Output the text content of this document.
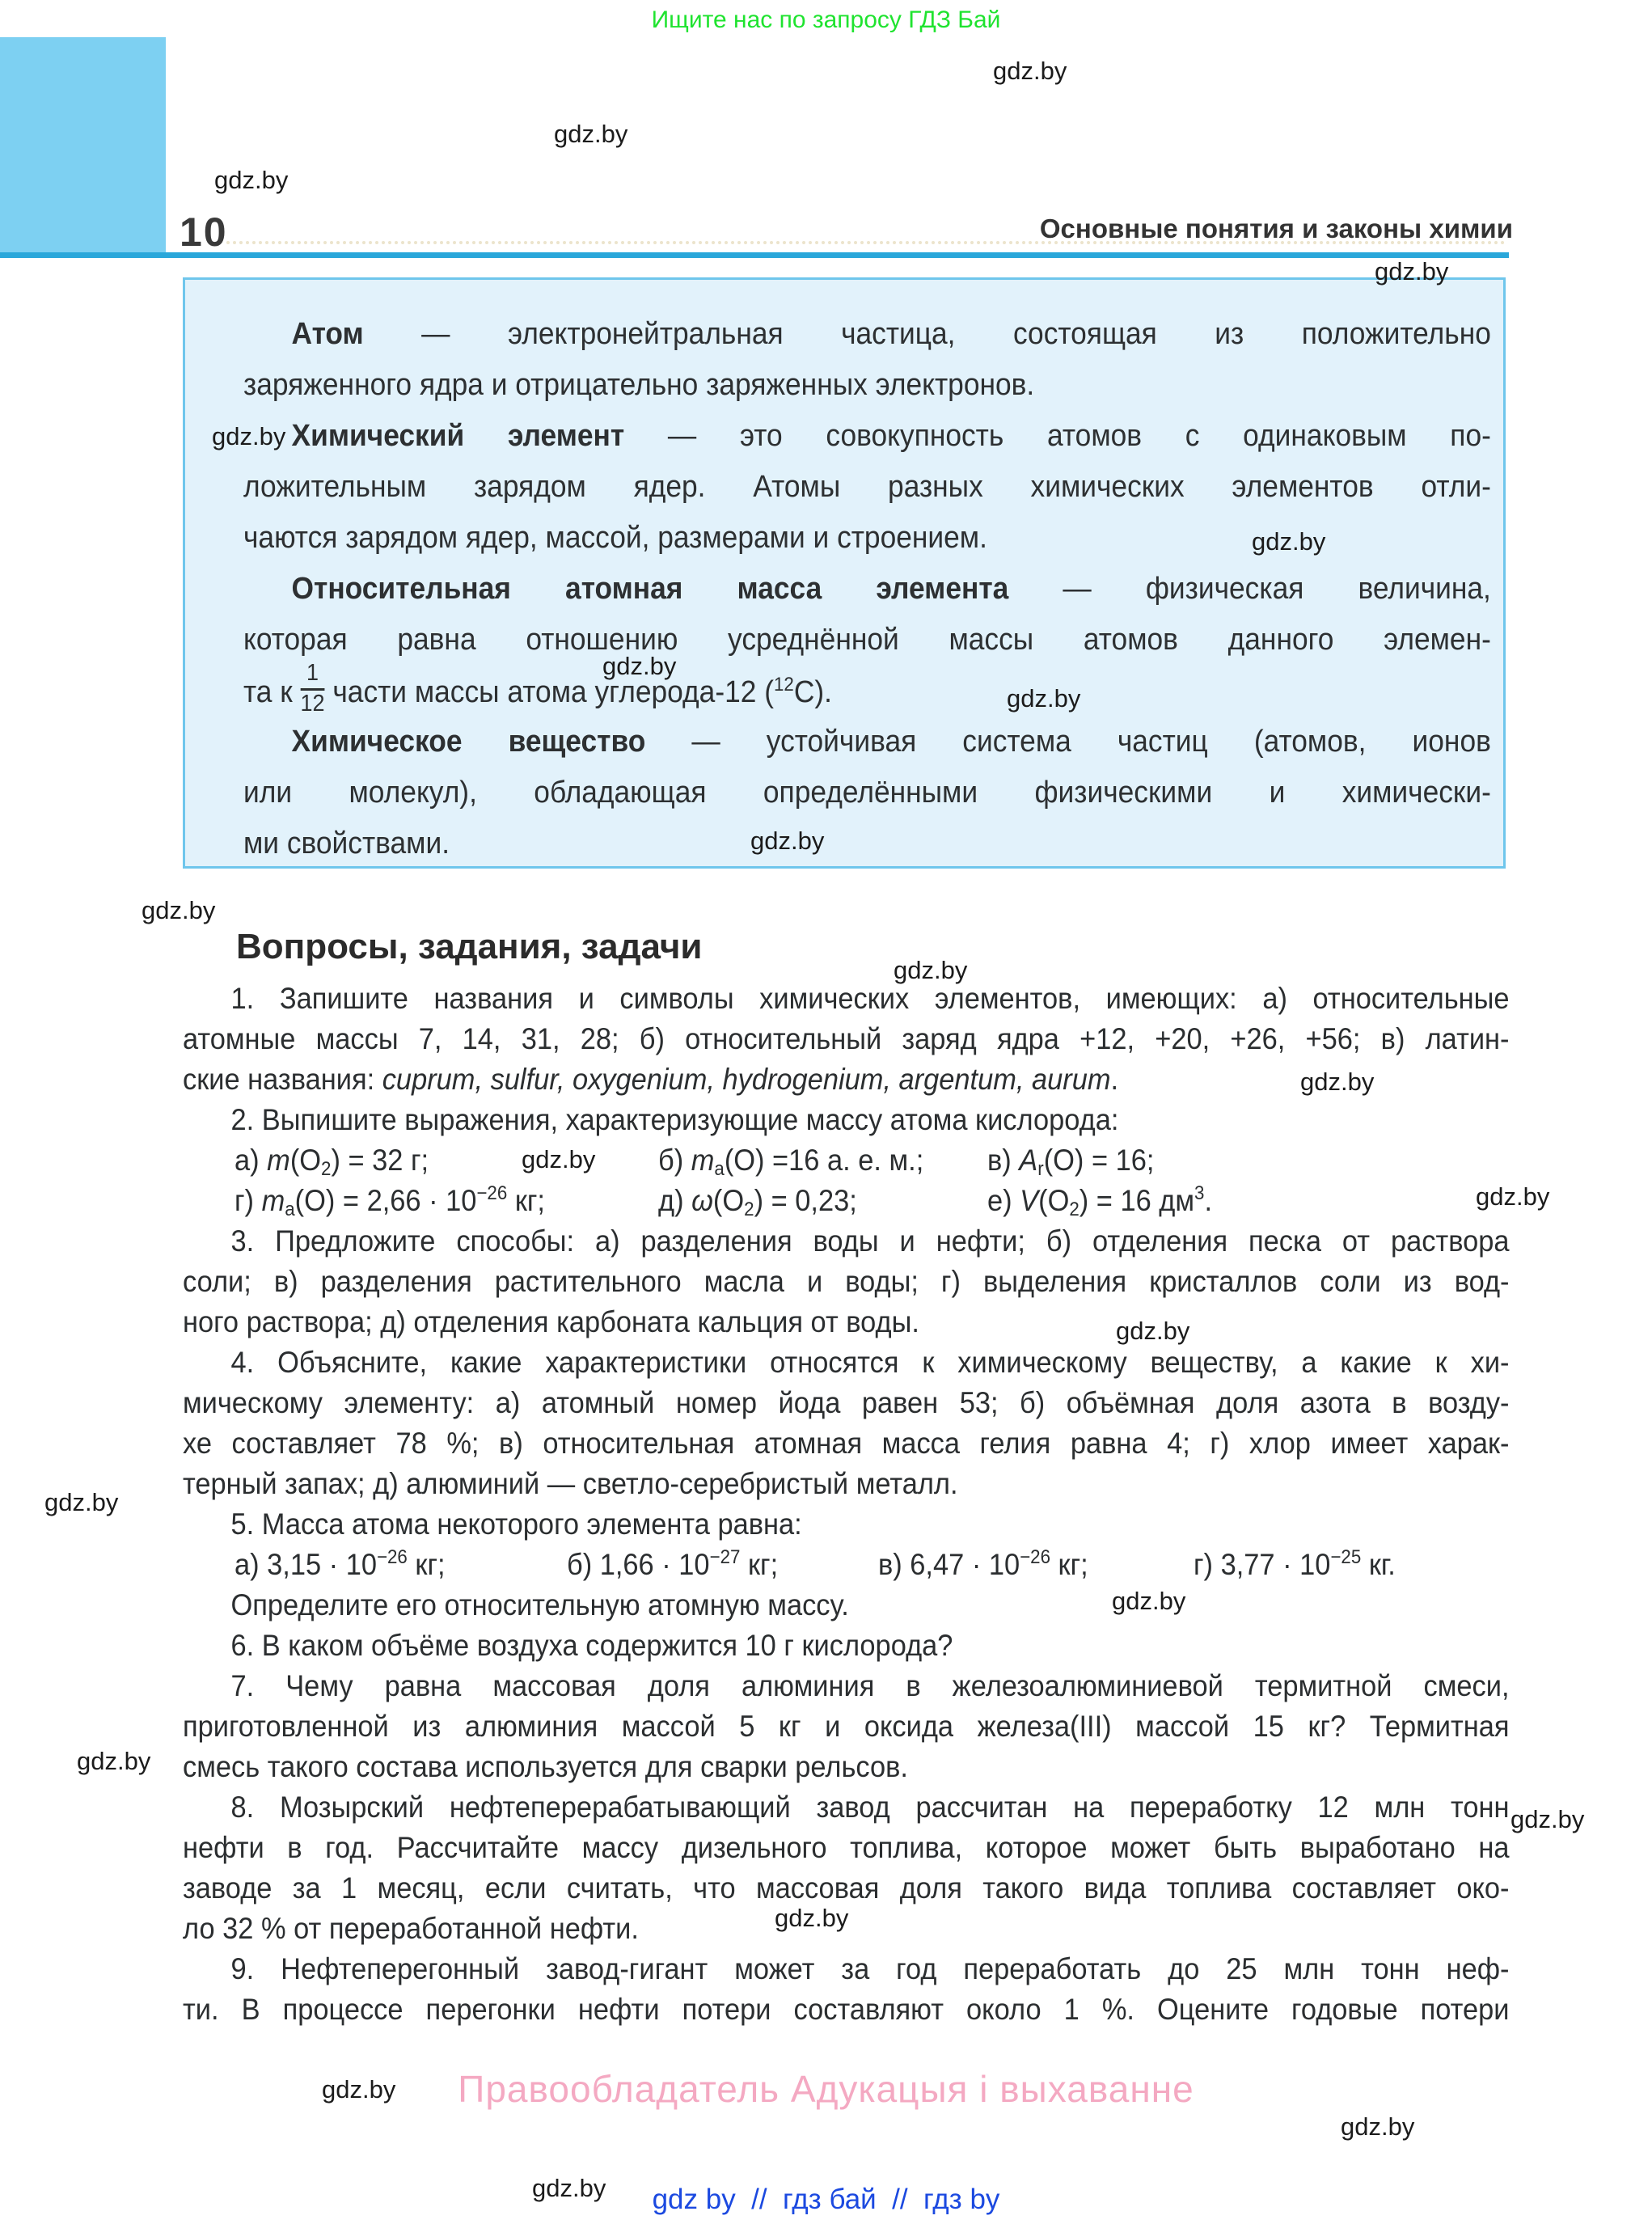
Ищите нас по запросу ГДЗ Бай
10	Основные понятия и законы химии
Атом — электронейтральная частица, состоящая из положительно
заряженного ядра и отрицательно заряженных электронов.
Химический элемент — это совокупность атомов с одинаковым по-
ложительным зарядом ядер. Атомы разных химических элементов отли-
чаются зарядом ядер, массой, размерами и строением.
Относительная атомная масса элемента — физическая величина,
которая равна отношению усреднённой массы атомов данного элемен-
та к $\frac{1}{12}$ части массы атома углерода-12 ($^{12}$C).
Химическое вещество — устойчивая система частиц (атомов, ионов
или молекул), обладающая определёнными физическими и химически-
ми свойствами.
Вопросы, задания, задачи
1. Запишите названия и символы химических элементов, имеющих: а) относительные
атомные массы 7, 14, 31, 28; б) относительный заряд ядра +12, +20, +26, +56; в) латин-
ские названия: cuprum, sulfur, oxygenium, hydrogenium, argentum, aurum.
2. Выпишите выражения, характеризующие массу атома кислорода:
а) $m(O_2) = 32$ г;	б) $m_a(O) =16$ а. е. м.; в) $A_r(O) = 16$;
г) $m_a(O) = 2,66 \cdot 10^{-26}$ кг;	д) $\omega(O_2) = 0,23$;	е) $V(O_2) = 16$ $дм^3$.
3. Предложите способы: а) разделения воды и нефти; б) отделения песка от раствора
соли; в) разделения растительного масла и воды; г) выделения кристаллов соли из вод-
ного раствора; д) отделения карбоната кальция от воды.
4. Объясните, какие характеристики относятся к химическому веществу, а какие к хи-
мическому элементу: а) атомный номер йода равен 53; б) объёмная доля азота в возду-
хе составляет 78 %; в) относительная атомная масса гелия равна 4; г) хлор имеет харак-
терный запах; д) алюминий — светло-серебристый металл.
5. Масса атома некоторого элемента равна:
а) $3,15 \cdot 10^{-26}$ кг;	б) $1,66 \cdot 10^{-27}$ кг;	в) $6,47 \cdot 10^{-26}$ кг;	г) $3,77 \cdot 10^{-25}$ кг.
Определите его относительную атомную массу.
6. В каком объёме воздуха содержится 10 г кислорода?
7. Чему равна массовая доля алюминия в железоалюминиевой термитной смеси,
приготовленной из алюминия массой 5 кг и оксида железа(III) массой 15 кг? Термитная
смесь такого состава используется для сварки рельсов.
8. Мозырский нефтеперерабатывающий завод рассчитан на переработку 12 млн тонн
нефти в год. Рассчитайте массу дизельного топлива, которое может быть выработано на
заводе за 1 месяц, если считать, что массовая доля такого вида топлива составляет око-
ло 32 % от переработанной нефти.
9. Нефтеперегонный завод-гигант может за год переработать до 25 млн тонн неф-
ти. В процессе перегонки нефти потери составляют около 1 %. Оцените годовые потери
Правообладатель Адукацыя і выхаванне
gdz by  //  гдз бай  //  гдз by
gdz.by
gdz.by
gdz.by
gdz.by
gdz.by
gdz.by
gdz.by
gdz.by
gdz.by
gdz.by
gdz.by
gdz.by
gdz.by
gdz.by
gdz.by
gdz.by
gdz.by
gdz.by
gdz.by
gdz.by
gdz.by
gdz.by
gdz.by
